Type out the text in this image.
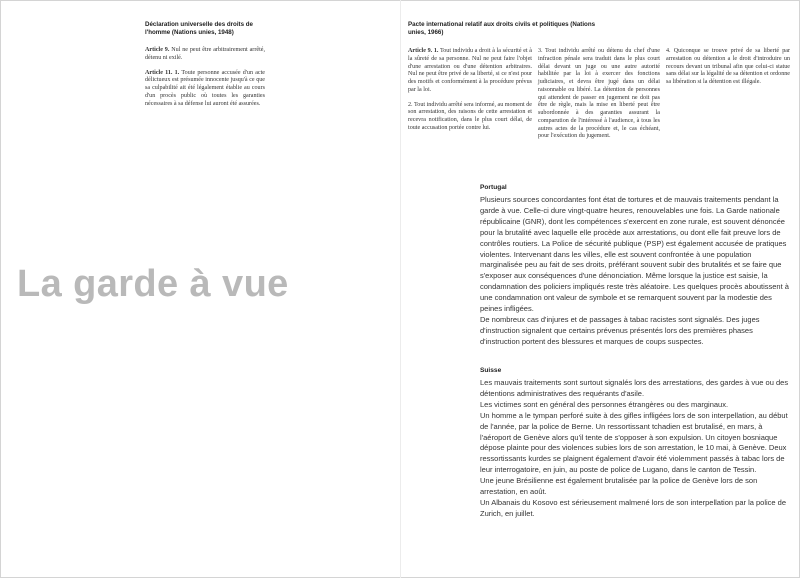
Déclaration universelle des droits de l'homme (Nations unies, 1948)

Article 9. Nul ne peut être arbitrairement arrêté, détenu ni exilé.

Article 11. 1. Toute personne accusée d'un acte délictueux est présumée innocente jusqu'à ce que sa culpabilité ait été légalement établie au cours d'un procès public où toutes les garanties nécessaires à sa défense lui auront été assurées.

La garde à vue
Pacte international relatif aux droits civils et politiques (Nations unies, 1966)

Article 9. 1. Tout individu a droit à la sécurité et à la sûreté de sa personne. Nul ne peut faire l'objet d'une arrestation ou d'une détention arbitraires. Nul ne peut être privé de sa liberté, si ce n'est pour des motifs et conformément à la procédure prévus par la loi.

2. Tout individu arrêté sera informé, au moment de son arrestation, des raisons de cette arrestation et recevra notification, dans le plus court délai, de toute accusation portée contre lui.

3. Tout individu arrêté ou détenu du chef d'une infraction pénale sera traduit dans le plus court délai devant un juge ou une autre autorité habilitée par la loi à exercer des fonctions judiciaires, et devra être jugé dans un délai raisonnable ou libéré. La détention de personnes qui attendent de passer en jugement ne doit pas être de règle, mais la mise en liberté peut être subordonnée à des garanties assurant la comparution de l'intéressé à l'audience, à tous les autres actes de la procédure et, le cas échéant, pour l'exécution du jugement.

4. Quiconque se trouve privé de sa liberté par arrestation ou détention a le droit d'introduire un recours devant un tribunal afin que celui-ci statue sans délai sur la légalité de sa détention et ordonne sa libération si la détention est illégale.

Portugal

Plusieurs sources concordantes font état de tortures et de mauvais traitements pendant la garde à vue. Celle-ci dure vingt-quatre heures, renouvelables une fois. La Garde nationale républicaine (GNR), dont les compétences s'exercent en zone rurale, est souvent dénoncée pour la brutalité avec laquelle elle procède aux arrestations, ou dont elle fait preuve lors de contrôles routiers. La Police de sécurité publique (PSP) est également accusée de pratiques violentes. Intervenant dans les villes, elle est souvent confrontée à une population marginalisée peu au fait de ses droits, préférant souvent subir des brutalités et se faire que s'exposer aux conséquences d'une dénonciation. Même lorsque la justice est saisie, la condamnation des policiers impliqués reste très aléatoire. Les quelques procès aboutissent à une condamnation ont valeur de symbole et se remarquent souvent par la modestie des peines infligées.

De nombreux cas d'injures et de passages à tabac racistes sont signalés. Des juges d'instruction signalent que certains prévenus présentés lors des premières phases d'instruction portent des blessures et marques de coups suspectes.

Suisse

Les mauvais traitements sont surtout signalés lors des arrestations, des gardes à vue ou des détentions administratives des requérants d'asile.

Les victimes sont en général des personnes étrangères ou des marginaux.

Un homme a le tympan perforé suite à des gifles infligées lors de son interpellation, au début de l'année, par la police de Berne. Un ressortissant tchadien est brutalisé, en mars, à l'aéroport de Genève alors qu'il tente de s'opposer à son expulsion. Un citoyen bosniaque dépose plainte pour des violences subies lors de son arrestation, le 10 mai, à Genève. Deux ressortissants kurdes se plaignent également d'avoir été violemment passés à tabac lors de leur interrogatoire, en juin, au poste de police de Lugano, dans le canton de Tessin.

Une jeune Brésilienne est également brutalisée par la police de Genève lors de son arrestation, en août.

Un Albanais du Kosovo est sérieusement malmené lors de son interpellation par la police de Zurich, en juillet.
